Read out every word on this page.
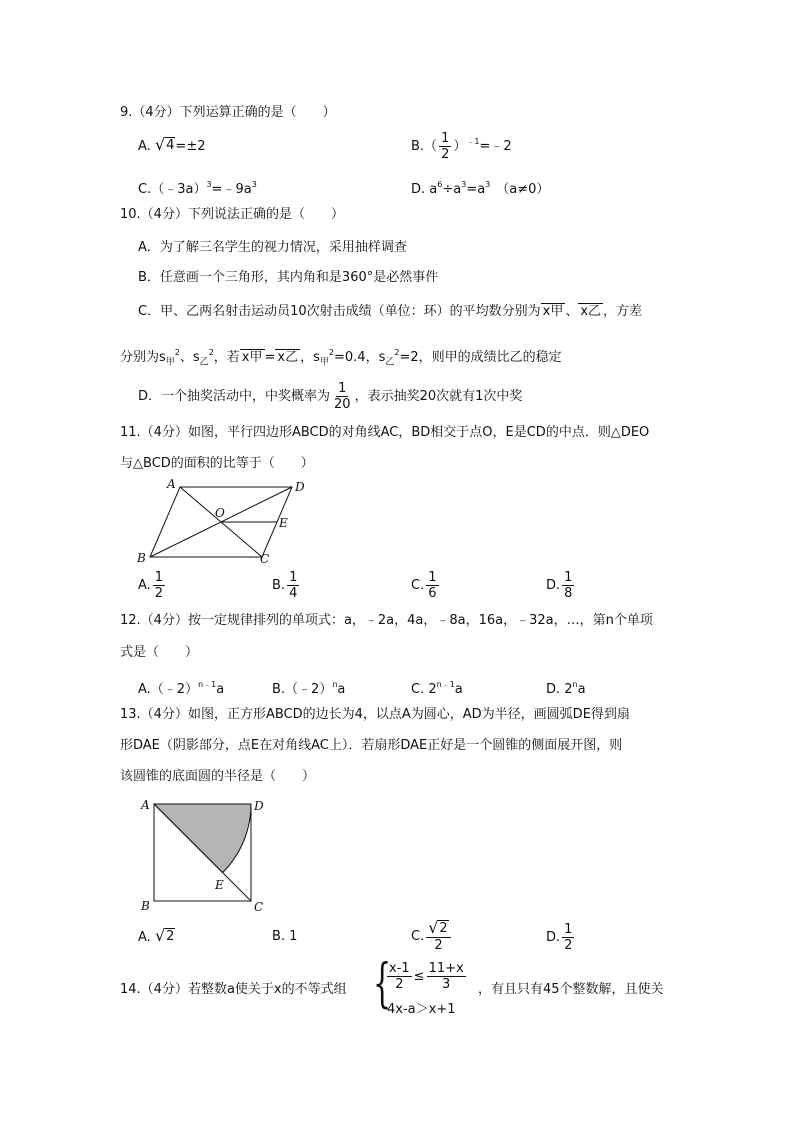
9.（4分）下列运算正确的是（　　）
A. √ 4 =±2	$B.( \frac{1}{2}$ ）$^{﹣1}=﹣2$
$C.(﹣3a)^3=﹣9a^3$	D. $a^6\div a^3=a^3$ （a≠0）
10.（4分）下列说法正确的是（　　）
A．为了解三名学生的视力情况，采用抽样调查
B．任意画一个三角形，其内角和是360°是必然事件
C．甲、乙两名射击运动员10次射击成绩（单位：环）的平均数分别为 x甲 、 x乙 ，方差
分别为$s_甲^2$、$s_乙^2$，若 x甲 = x乙 ，$s_甲^2=0.4$，$s_乙^2=2$，则甲的成绩比乙的稳定
D．一个抽奖活动中，中奖概率为 $\frac{1}{20}$ ，表示抽奖20次就有1次中奖
11.（4分）如图，平行四边形ABCD的对角线AC，BD相交于点O，E是CD的中点．则△DEO
与△BCD的面积的比等于（　　）
A	D
O
E
B	C
A. $\frac{1}{2}$	B. $\frac{1}{4}$	C. $\frac{1}{6}$	D. $\frac{1}{8}$
12.（4分）按一定规律排列的单项式：a，﹣2a，4a，﹣8a，16a，﹣32a，…，第n个单项
式是（　　）
A.（﹣2）$^{n﹣1}$a	B.（﹣2）$^n$a	C. $2^{n﹣1}a$	D. 2$^n$a
13.（4分）如图，正方形ABCD的边长为4，以点A为圆心，AD为半径，画圆弧DE得到扇
形DAE（阴影部分，点E在对角线AC上）．若扇形DAE正好是一个圆锥的侧面展开图，则
该圆锥的底面圆的半径是（　　）
A	D
E
B	C
A. √ 2	B. 1	C. $\frac{√ 2}{2}$	D. $\frac{1}{2}$
14.（4分）若整数a使关于x的不等式组 {
$\frac{x-1}{2} \le \frac{11+x}{3}$
4x-a＞x+1
，有且只有45个整数解，且使关
